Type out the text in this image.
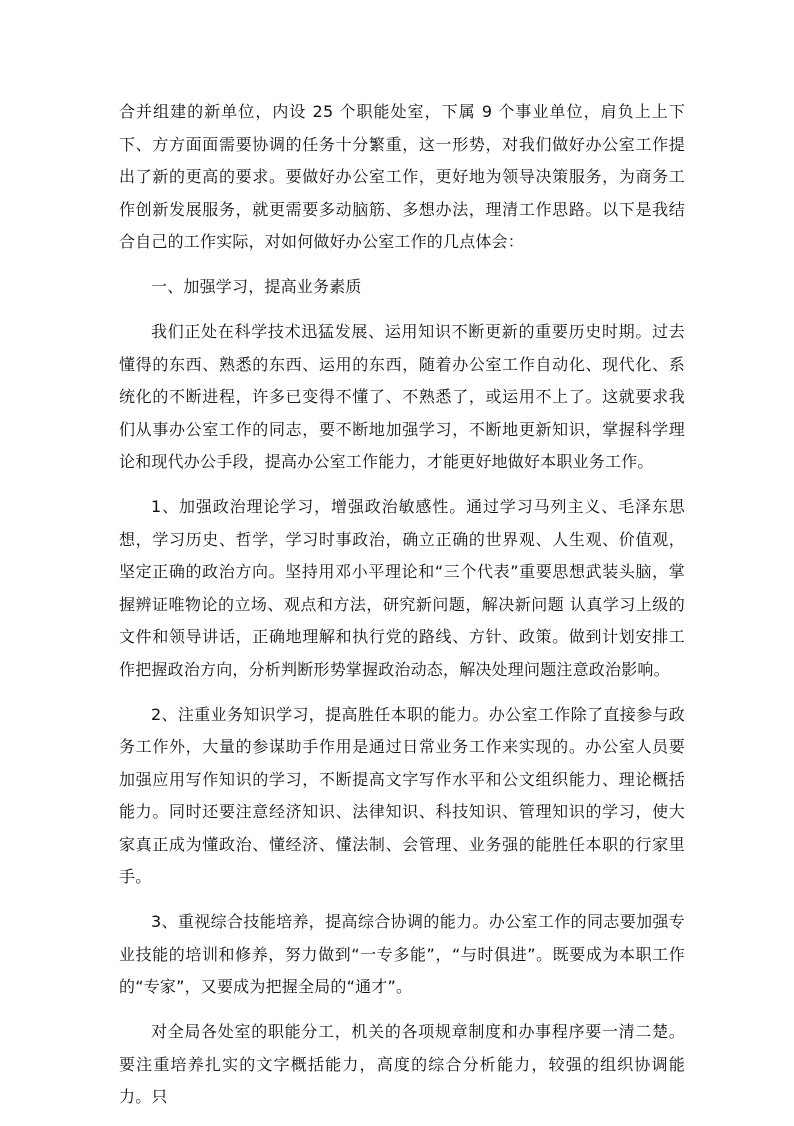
合并组建的新单位，内设 25 个职能处室，下属 9 个事业单位，肩负上上下下、方方面面需要协调的任务十分繁重，这一形势，对我们做好办公室工作提出了新的更高的要求。要做好办公室工作，更好地为领导决策服务，为商务工作创新发展服务，就更需要多动脑筋、多想办法，理清工作思路。以下是我结合自己的工作实际，对如何做好办公室工作的几点体会：

一、加强学习，提高业务素质

我们正处在科学技术迅猛发展、运用知识不断更新的重要历史时期。过去懂得的东西、熟悉的东西、运用的东西，随着办公室工作自动化、现代化、系统化的不断进程，许多已变得不懂了、不熟悉了，或运用不上了。这就要求我们从事办公室工作的同志，要不断地加强学习，不断地更新知识，掌握科学理论和现代办公手段，提高办公室工作能力，才能更好地做好本职业务工作。

1、加强政治理论学习，增强政治敏感性。通过学习马列主义、毛泽东思想，学习历史、哲学，学习时事政治，确立正确的世界观、人生观、价值观，坚定正确的政治方向。坚持用邓小平理论和“三个代表”重要思想武装头脑，掌握辨证唯物论的立场、观点和方法，研究新问题，解决新问题 认真学习上级的文件和领导讲话，正确地理解和执行党的路线、方针、政策。做到计划安排工作把握政治方向，分析判断形势掌握政治动态，解决处理问题注意政治影响。

2、注重业务知识学习，提高胜任本职的能力。办公室工作除了直接参与政务工作外，大量的参谋助手作用是通过日常业务工作来实现的。办公室人员要加强应用写作知识的学习，不断提高文字写作水平和公文组织能力、理论概括能力。同时还要注意经济知识、法律知识、科技知识、管理知识的学习，使大家真正成为懂政治、懂经济、懂法制、会管理、业务强的能胜任本职的行家里手。

3、重视综合技能培养，提高综合协调的能力。办公室工作的同志要加强专业技能的培训和修养，努力做到“一专多能”，“与时俱进”。既要成为本职工作的“专家”，又要成为把握全局的“通才”。

对全局各处室的职能分工，机关的各项规章制度和办事程序要一清二楚。要注重培养扎实的文字概括能力，高度的综合分析能力，较强的组织协调能力。只
